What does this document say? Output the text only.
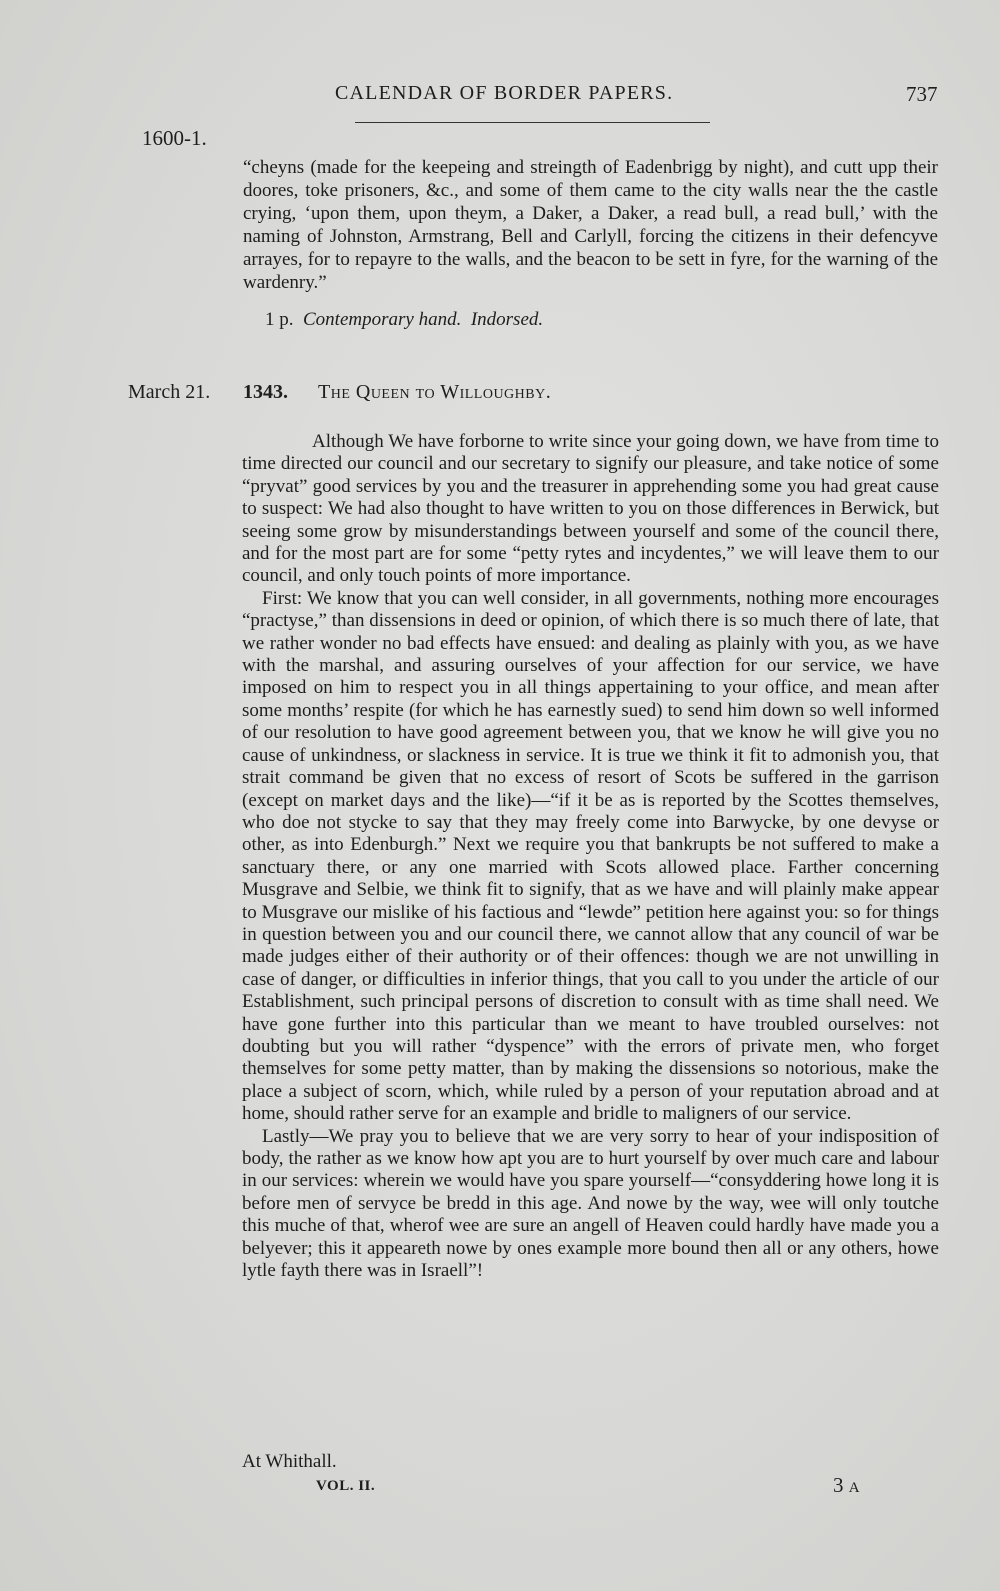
CALENDAR OF BORDER PAPERS.	737
1600-1.
“cheyns (made for the keepeing and streingth of Eadenbrigg by night), and cutt upp their doores, toke prisoners, &c., and some of them came to the city walls near the the castle crying, ‘upon them, upon theym, a Daker, a Daker, a read bull, a read bull,’ with the naming of Johnston, Armstrang, Bell and Carlyll, forcing the citizens in their defencyve arrayes, for to repayre to the walls, and the beacon to be sett in fyre, for the warning of the wardenry.”
1 p. Contemporary hand. Indorsed.
March 21. 1343. The Queen to Willoughby.

Although We have forborne to write since your going down, we have from time to time directed our council and our secretary to signify our pleasure, and take notice of some “pryvat” good services by you and the treasurer in apprehending some you had great cause to suspect: We had also thought to have written to you on those differences in Berwick, but seeing some grow by misunderstandings between yourself and some of the council there, and for the most part are for some “petty rytes and incydentes,” we will leave them to our council, and only touch points of more importance.

First: We know that you can well consider, in all governments, nothing more encourages “practyse,” than dissensions in deed or opinion, of which there is so much there of late, that we rather wonder no bad effects have ensued: and dealing as plainly with you, as we have with the marshal, and assuring ourselves of your affection for our service, we have imposed on him to respect you in all things appertaining to your office, and mean after some months’ respite (for which he has earnestly sued) to send him down so well informed of our resolution to have good agreement between you, that we know he will give you no cause of unkindness, or slackness in service. It is true we think it fit to admonish you, that strait command be given that no excess of resort of Scots be suffered in the garrison (except on market days and the like)—“if it be as is reported by the Scottes themselves, who doe not stycke to say that they may freely come into Barwycke, by one devyse or other, as into Edenburgh.” Next we require you that bankrupts be not suffered to make a sanctuary there, or any one married with Scots allowed place. Farther concerning Musgrave and Selbie, we think fit to signify, that as we have and will plainly make appear to Musgrave our mislike of his factious and “lewde” petition here against you: so for things in question between you and our council there, we cannot allow that any council of war be made judges either of their authority or of their offences: though we are not unwilling in case of danger, or difficulties in inferior things, that you call to you under the article of our Establishment, such principal persons of discretion to consult with as time shall need. We have gone further into this particular than we meant to have troubled ourselves: not doubting but you will rather “dyspence” with the errors of private men, who forget themselves for some petty matter, than by making the dissensions so notorious, make the place a subject of scorn, which, while ruled by a person of your reputation abroad and at home, should rather serve for an example and bridle to maligners of our service.

Lastly—We pray you to believe that we are very sorry to hear of your indisposition of body, the rather as we know how apt you are to hurt yourself by over much care and labour in our services: wherein we would have you spare yourself—“consyddering howe long it is before men of servyce be bredd in this age. And nowe by the way, wee will only toutche this muche of that, wherof wee are sure an angell of Heaven could hardly have made you a belyever; this it appeareth nowe by ones example more bound then all or any others, howe lytle fayth there was in Israell”!

At Whithall.
VOL. II.	3 A
